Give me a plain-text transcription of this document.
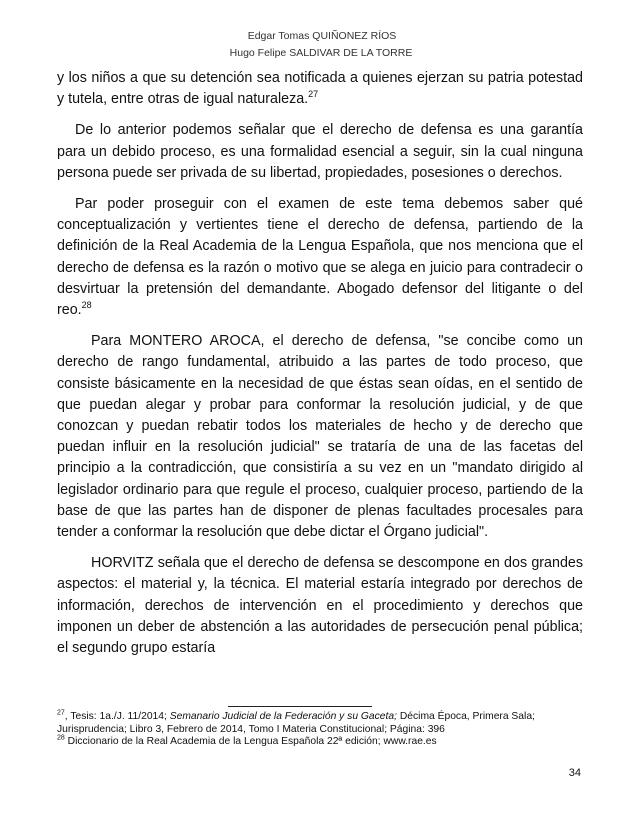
Edgar Tomas QUIÑONEZ RÍOS
Hugo Felipe SALDIVAR DE LA TORRE

y los niños a que su detención sea notificada a quienes ejerzan su patria potestad y tutela, entre otras de igual naturaleza.$^{27}$

De lo anterior podemos señalar que el derecho de defensa es una garantía para un debido proceso, es una formalidad esencial a seguir, sin la cual ninguna persona puede ser privada de su libertad, propiedades, posesiones o derechos.

Par poder proseguir con el examen de este tema debemos saber qué conceptualización y vertientes tiene el derecho de defensa, partiendo de la definición de la Real Academia de la Lengua Española, que nos menciona que el derecho de defensa es la razón o motivo que se alega en juicio para contradecir o desvirtuar la pretensión del demandante. Abogado defensor del litigante o del reo.$^{28}$

Para MONTERO AROCA, el derecho de defensa, "se concibe como un derecho de rango fundamental, atribuido a las partes de todo proceso, que consiste básicamente en la necesidad de que éstas sean oídas, en el sentido de que puedan alegar y probar para conformar la resolución judicial, y de que conozcan y puedan rebatir todos los materiales de hecho y de derecho que puedan influir en la resolución judicial" se trataría de una de las facetas del principio a la contradicción, que consistiría a su vez en un "mandato dirigido al legislador ordinario para que regule el proceso, cualquier proceso, partiendo de la base de que las partes han de disponer de plenas facultades procesales para tender a conformar la resolución que debe dictar el Órgano judicial".

HORVITZ señala que el derecho de defensa se descompone en dos grandes aspectos: el material y, la técnica. El material estaría integrado por derechos de información, derechos de intervención en el procedimiento y derechos que imponen un deber de abstención a las autoridades de persecución penal pública; el segundo grupo estaría

$^{27}$, Tesis: 1a./J. 11/2014; Semanario Judicial de la Federación y su Gaceta; Décima Época, Primera Sala; Jurisprudencia; Libro 3, Febrero de 2014, Tomo I Materia Constitucional; Página: 396

$^{28}$ Diccionario de la Real Academia de la Lengua Española 22ª edición; www.rae.es

34
